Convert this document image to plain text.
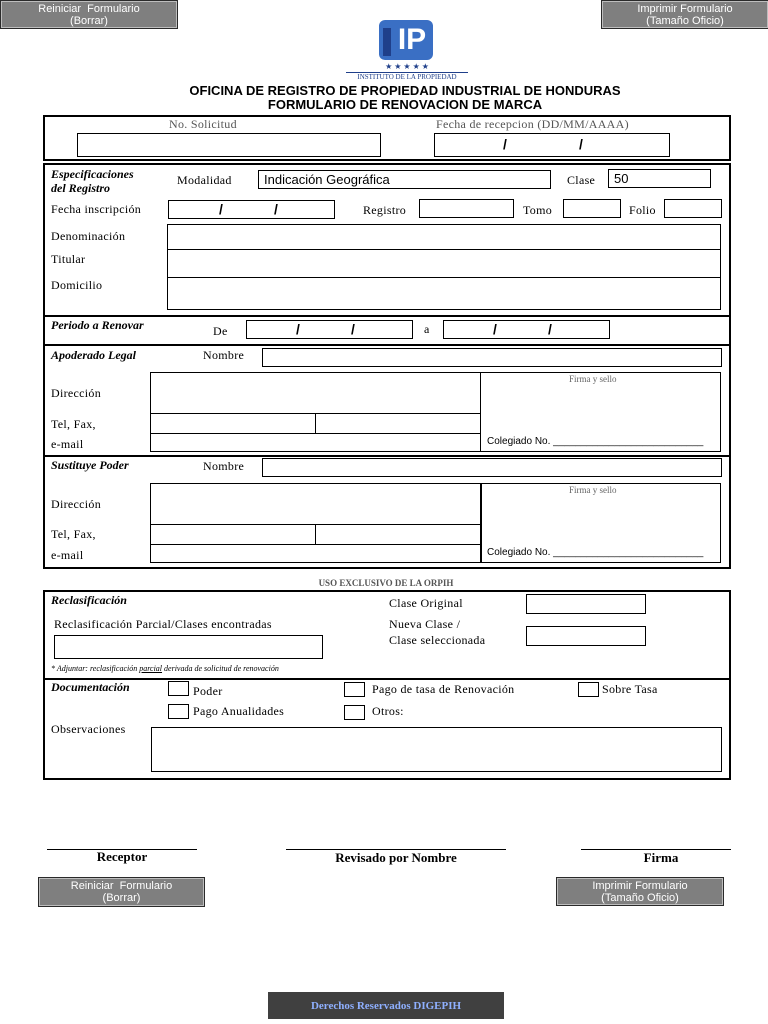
Reiniciar  Formulario
(Borrar)
Imprimir Formulario
(Tamaño Oficio)
IP
★ ★ ★ ★ ★
INSTITUTO DE LA PROPIEDAD
OFICINA DE REGISTRO DE PROPIEDAD INDUSTRIAL DE HONDURAS
FORMULARIO DE RENOVACION DE MARCA
No. Solicitud	Fecha de recepcion (DD/MM/AAAA)
/	/
Especificaciones
del Registro
Modalidad Indicación Geográfica	Clase 50
Fecha inscripción	/	/	Registro	Tomo	Folio
Denominación
Titular
Domicilio
Periodo a Renovar	De	/	/	a	/	/
Apoderado Legal	Nombre
Dirección
Tel, Fax,
e-mail
Firma y sello
Colegiado No. ___________________________
Sustituye Poder	Nombre
Dirección
Tel, Fax,
e-mail
Firma y sello
Colegiado No. ___________________________
USO EXCLUSIVO DE LA ORPIH
Reclasificación
Reclasificación Parcial/Clases encontradas
Clase Original
Nueva Clase /
Clase seleccionada
* Adjuntar: reclasificación parcial derivada de solicitud de renovación
Documentación	Poder	Pago de tasa de Renovación	Sobre Tasa
Pago Anualidades	Otros:
Observaciones
Receptor	Revisado por Nombre	Firma
Reiniciar  Formulario
(Borrar)
Imprimir Formulario
(Tamaño Oficio)
Derechos Reservados DIGEPIH
